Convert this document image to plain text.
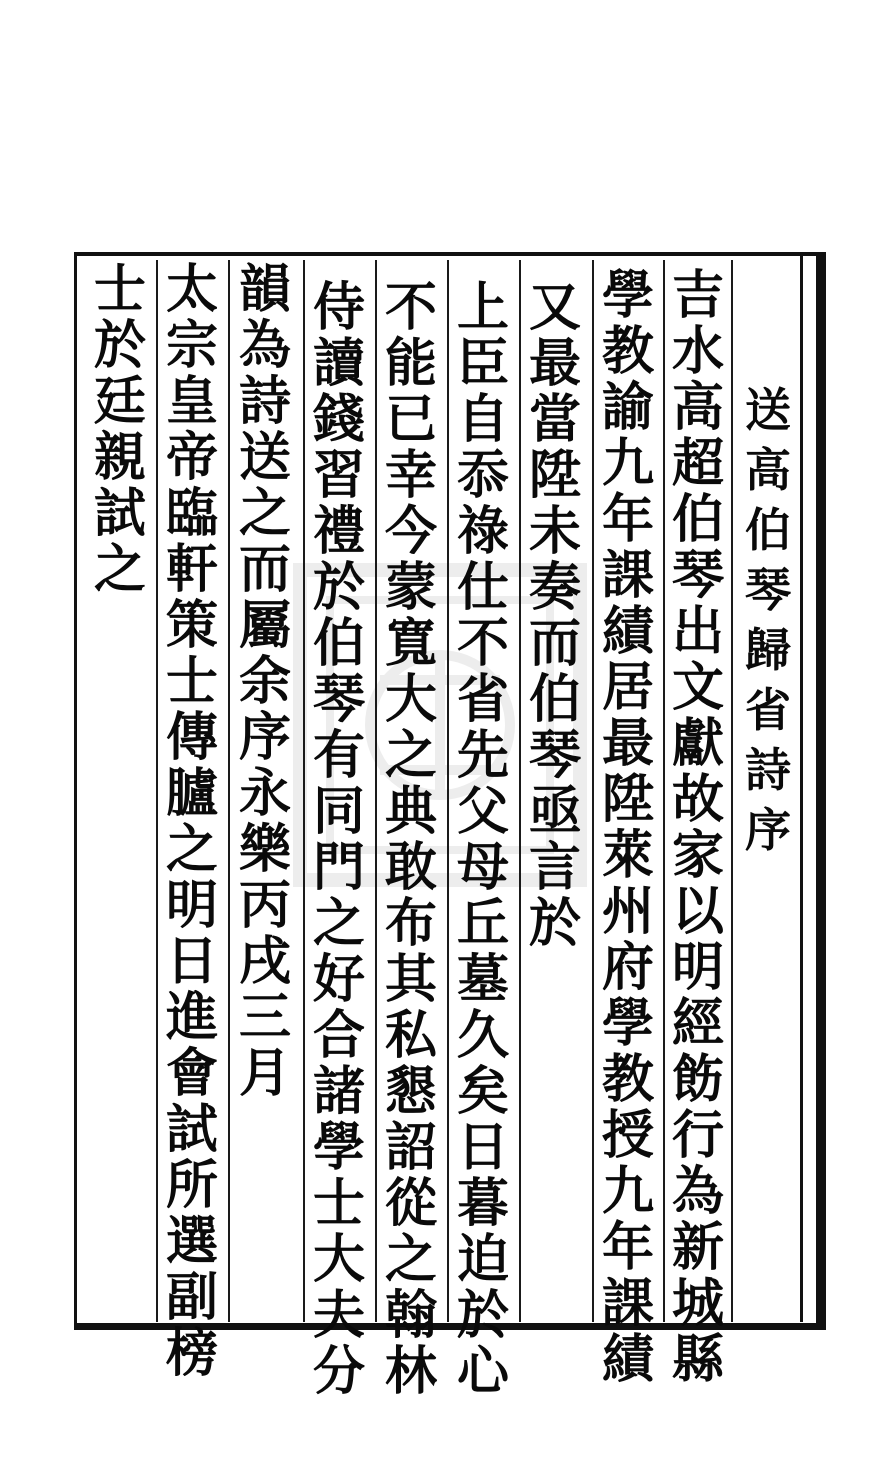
送
高
伯
琴
歸
省
詩
序
吉
水
高
超
伯
琴
出
文
獻
故
家
以
明
經
飭
行
為
新
城
縣
學
教
諭
九
年
課
績
居
最
陞
萊
州
府
學
教
授
九
年
課
績
又
最
當
陞
未
奏
而
伯
琴
亟
言
於
上
臣
自
忝
祿
仕
不
省
先
父
母
丘
墓
久
矣
日
暮
迫
於
心
不
能
已
幸
今
蒙
寬
大
之
典
敢
布
其
私
懇
詔
從
之
翰
林
侍
讀
錢
習
禮
於
伯
琴
有
同
門
之
好
合
諸
學
士
大
夫
分
韻
為
詩
送
之
而
屬
余
序
永
樂
丙
戌
三
月
太
宗
皇
帝
臨
軒
策
士
傳
臚
之
明
日
進
會
試
所
選
副
榜
士
於
廷
親
試
之
